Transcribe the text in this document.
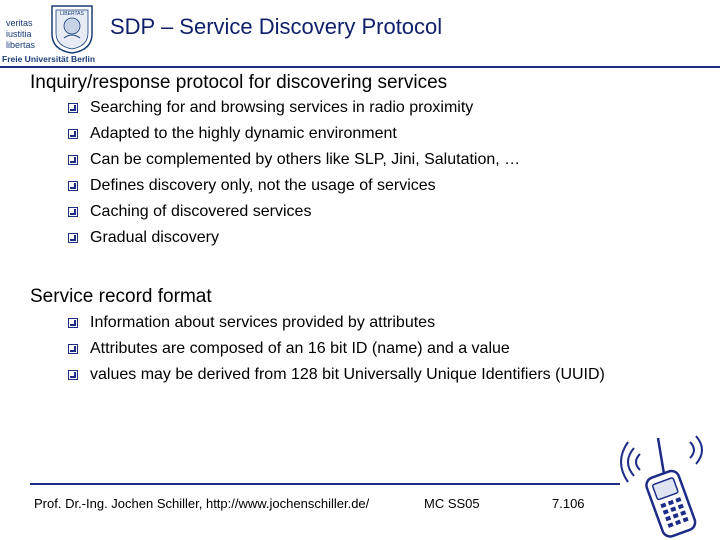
veritas
iustitia
libertas
LIBERTAS
Freie Universität Berlin
SDP – Service Discovery Protocol
Inquiry/response protocol for discovering services
Searching for and browsing services in radio proximity
Adapted to the highly dynamic environment
Can be complemented by others like SLP, Jini, Salutation, …
Defines discovery only, not the usage of services
Caching of discovered services
Gradual discovery
Service record format
Information about services provided by attributes
Attributes are composed of an 16 bit ID (name) and a value
values may be derived from 128 bit Universally Unique Identifiers (UUID)
Prof. Dr.-Ing. Jochen Schiller, http://www.jochenschiller.de/	MC SS05	7.106
